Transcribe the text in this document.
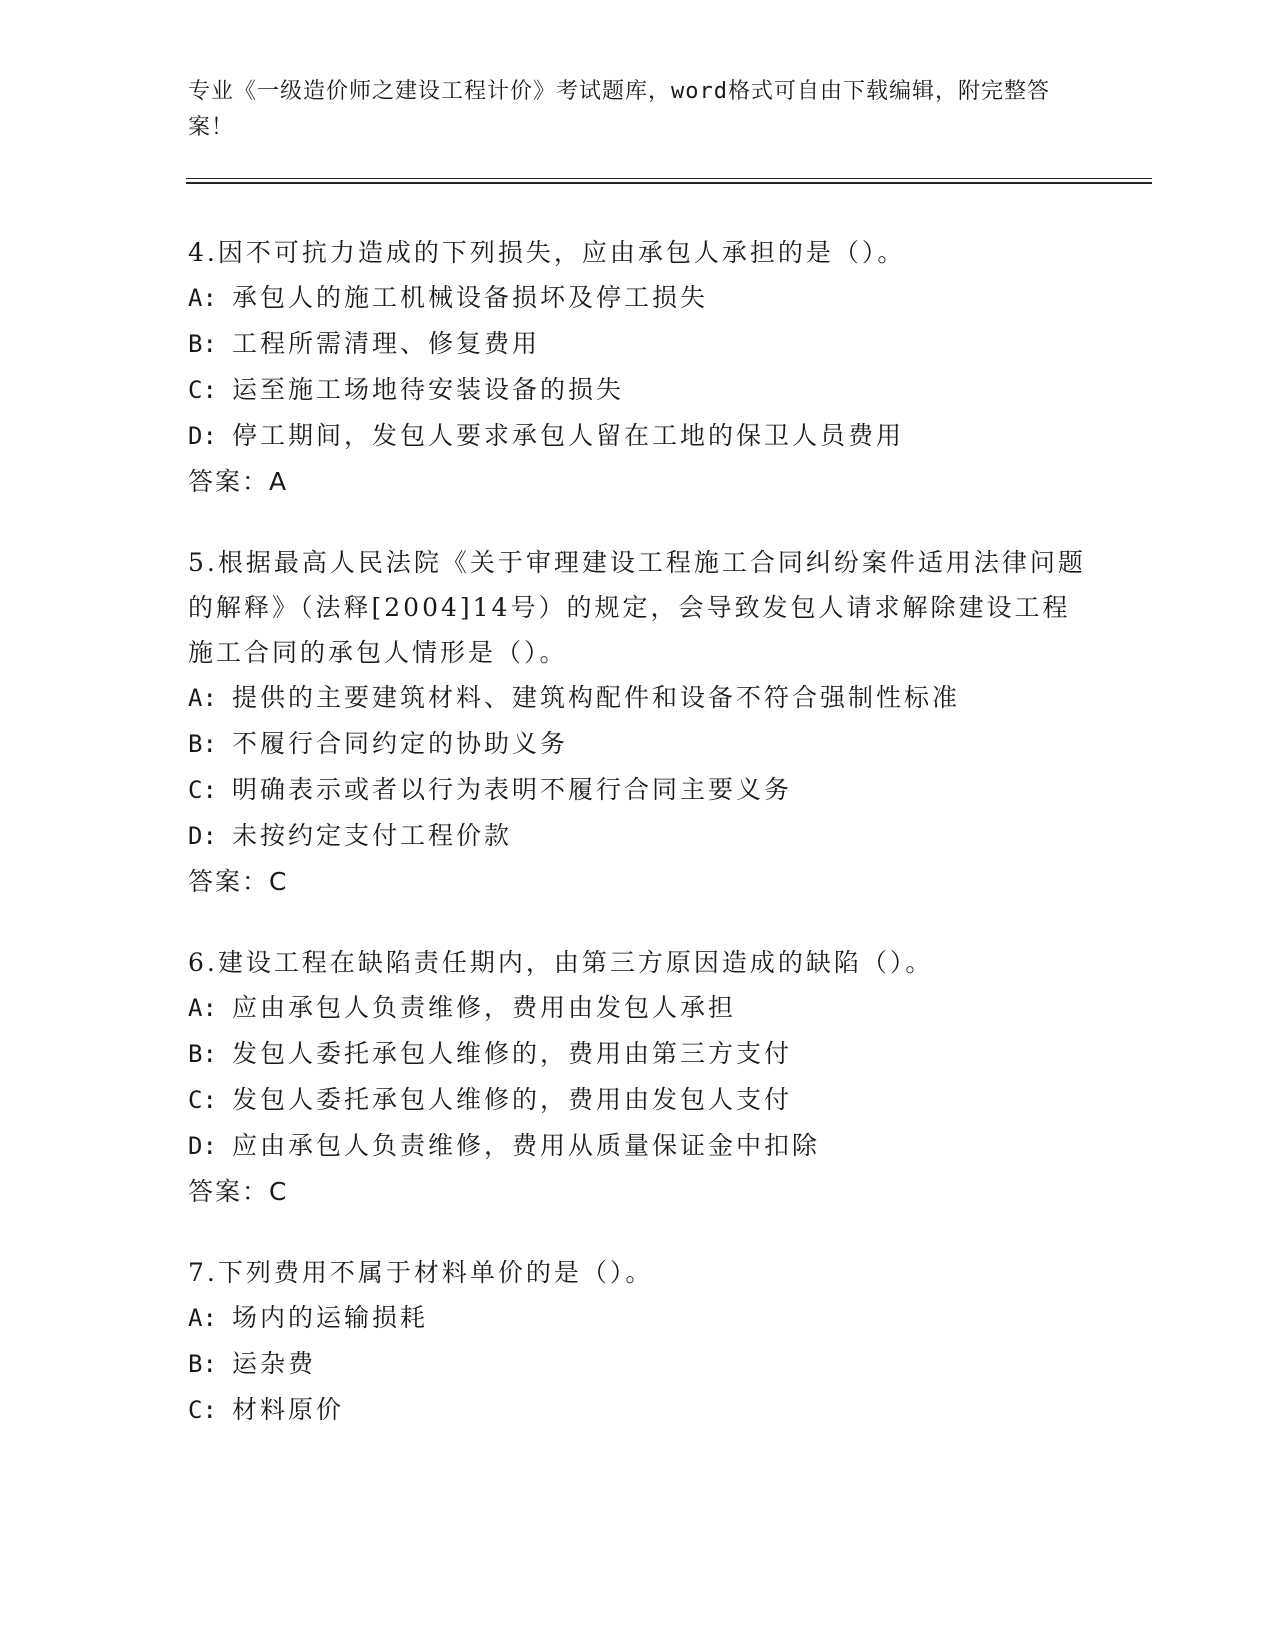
专业《一级造价师之建设工程计价》考试题库，word格式可自由下载编辑，附完整答案！
4.因不可抗力造成的下列损失，应由承包人承担的是（）。
A: 承包人的施工机械设备损坏及停工损失
B: 工程所需清理、修复费用
C: 运至施工场地待安装设备的损失
D: 停工期间，发包人要求承包人留在工地的保卫人员费用
答案：A
5.根据最高人民法院《关于审理建设工程施工合同纠纷案件适用法律问题的解释》（法释[2004]14号）的规定，会导致发包人请求解除建设工程施工合同的承包人情形是（）。
A: 提供的主要建筑材料、建筑构配件和设备不符合强制性标准
B: 不履行合同约定的协助义务
C: 明确表示或者以行为表明不履行合同主要义务
D: 未按约定支付工程价款
答案：C
6.建设工程在缺陷责任期内，由第三方原因造成的缺陷（）。
A: 应由承包人负责维修，费用由发包人承担
B: 发包人委托承包人维修的，费用由第三方支付
C: 发包人委托承包人维修的，费用由发包人支付
D: 应由承包人负责维修，费用从质量保证金中扣除
答案：C
7.下列费用不属于材料单价的是（）。
A: 场内的运输损耗
B: 运杂费
C: 材料原价
